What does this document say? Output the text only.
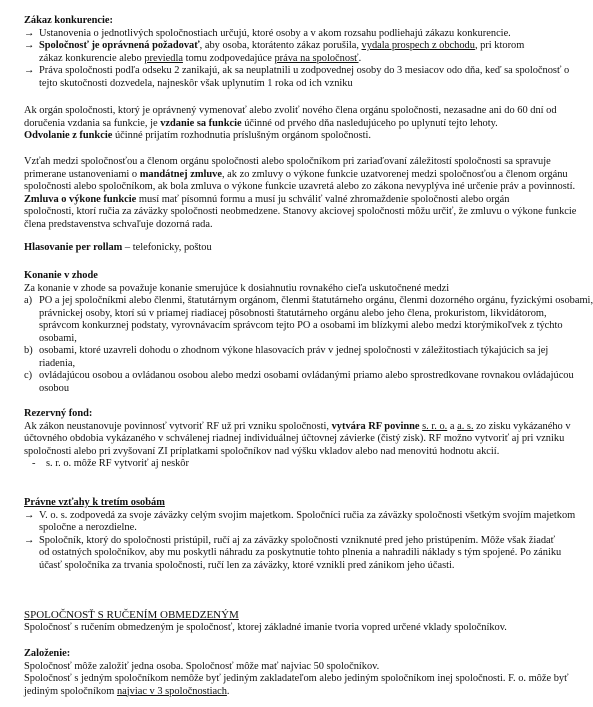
Zákaz konkurencie:

→ Ustanovenia o jednotlivých spoločnostiach určujú, ktoré osoby a v akom rozsahu podliehajú zákazu konkurencie.
→ Spoločnosť je oprávnená požadovať, aby osoba, ktorátento zákaz porušila, vydala prospech z obchodu, pri ktorom

zákaz konkurencie alebo previedla tomu zodpovedajúce práva na spoločnosť.

→ Práva spoločnosti podľa odseku 2 zanikajú, ak sa neuplatnili u zodpovednej osoby do 3 mesiacov odo dňa, keď sa spoločnosť o

tejto skutočnosti dozvedela, najneskôr však uplynutím 1 roka od ich vzniku

Ak orgán spoločnosti, ktorý je oprávnený vymenovať alebo zvoliť nového člena orgánu spoločnosti, nezasadne ani do 60 dní od

doručenia vzdania sa funkcie, je vzdanie sa funkcie účinné od prvého dňa nasledujúceho po uplynutí tejto lehoty.

Odvolanie z funkcie účinné prijatím rozhodnutia príslušným orgánom spoločnosti.

Vzťah medzi spoločnosťou a členom orgánu spoločnosti alebo spoločníkom pri zariaďovaní záležitostí spoločnosti sa spravuje

primerane ustanoveniami o mandátnej zmluve, ak zo zmluvy o výkone funkcie uzatvorenej medzi spoločnosťou a členom orgánu

spoločnosti alebo spoločníkom, ak bola zmluva o výkone funkcie uzavretá alebo zo zákona nevyplýva iné určenie práv a povinností.

Zmluva o výkone funkcie musí mať písomnú formu a musí ju schváliť valné zhromaždenie spoločnosti alebo orgán

spoločnosti, ktorí ručia za záväzky spoločnosti neobmedzene. Stanovy akciovej spoločnosti môžu určiť, že zmluvu o výkone funkcie

člena predstavenstva schvaľuje dozorná rada.

Hlasovanie per rollam – telefonicky, poštou

Konanie v zhode

Za konanie v zhode sa považuje konanie smerujúce k dosiahnutiu rovnakého cieľa uskutočnené medzi

a) PO a jej spoločníkmi alebo členmi, štatutárnym orgánom, členmi štatutárneho orgánu, členmi dozorného orgánu, fyzickými osobami,

právnickej osoby, ktorí sú v priamej riadiacej pôsobnosti štatutárneho orgánu alebo jeho člena, prokuristom, likvidátorom,

správcom konkurznej podstaty, vyrovnávacím správcom tejto PO a osobami im blízkymi alebo medzi ktorýmikoľvek z týchto

osobami,

b) osobami, ktoré uzavreli dohodu o zhodnom výkone hlasovacích práv v jednej spoločnosti v záležitostiach týkajúcich sa jej

riadenia,

c) ovládajúcou osobou a ovládanou osobou alebo medzi osobami ovládanými priamo alebo sprostredkovane rovnakou ovládajúcou

osobou

Rezervný fond:

Ak zákon neustanovuje povinnosť vytvoriť RF už pri vzniku spoločnosti, vytvára RF povinne s. r. o. a a. s. zo zisku vykázaného v

účtovného obdobia vykázaného v schválenej riadnej individuálnej účtovnej závierke (čistý zisk). RF možno vytvoriť aj pri vzniku

spoločnosti alebo pri zvyšovaní ZI príplatkami spoločníkov nad výšku vkladov alebo nad menovitú hodnotu akcií.

- s. r. o. môže RF vytvoriť aj neskôr

Právne vzťahy k tretím osobám

→ V. o. s. zodpovedá za svoje záväzky celým svojim majetkom. Spoločníci ručia za záväzky spoločnosti všetkým svojím majetkom

spoločne a nerozdielne.

→ Spoločník, ktorý do spoločnosti pristúpil, ručí aj za záväzky spoločnosti vzniknuté pred jeho pristúpením. Môže však žiadať

od ostatných spoločníkov, aby mu poskytli náhradu za poskytnutie tohto plnenia a nahradili náklady s tým spojené. Po zániku

účasť spoločníka za trvania spoločnosti, ručí len za záväzky, ktoré vznikli pred zánikom jeho účasti.

SPOLOČNOSŤ S RUČENÍM OBMEDZENÝM

Spoločnosť s ručením obmedzeným je spoločnosť, ktorej základné imanie tvoria vopred určené vklady spoločníkov.

Založenie:

Spoločnosť môže založiť jedna osoba. Spoločnosť môže mať najviac 50 spoločníkov.

Spoločnosť s jedným spoločníkom nemôže byť jediným zakladateľom alebo jediným spoločníkom inej spoločnosti. F. o. môže byť

jediným spoločníkom najviac v 3 spoločnostiach.
